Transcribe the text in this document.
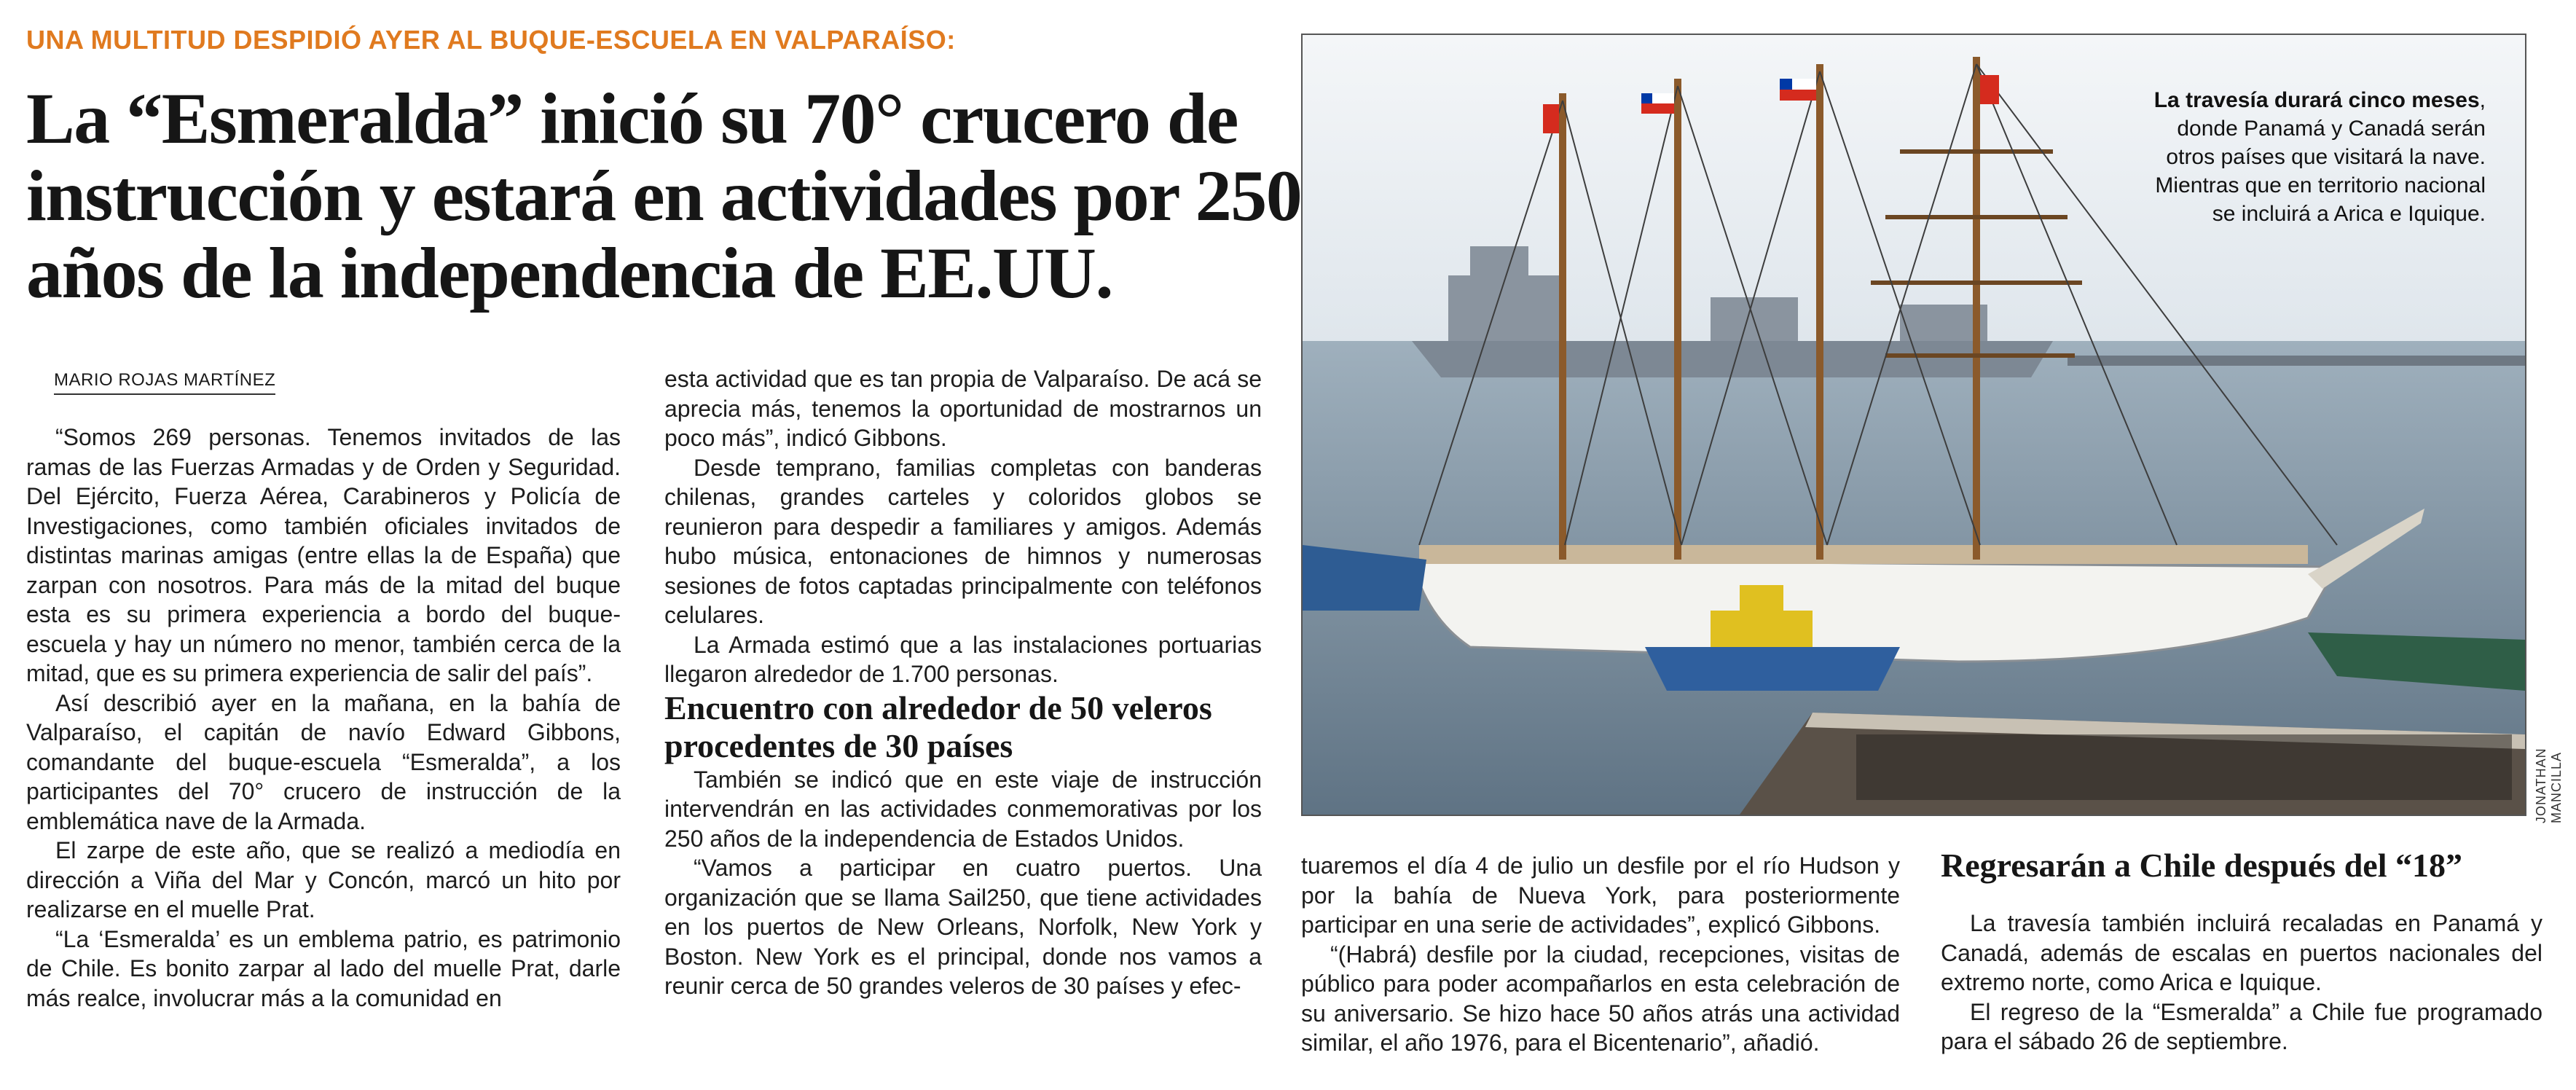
UNA MULTITUD DESPIDIÓ AYER AL BUQUE-ESCUELA EN VALPARAÍSO:
La “Esmeralda” inició su 70° crucero de instrucción y estará en actividades por 250 años de la independencia de EE.UU.
MARIO ROJAS MARTÍNEZ

“Somos 269 personas. Tenemos invitados de las ramas de las Fuerzas Armadas y de Orden y Seguridad. Del Ejército, Fuerza Aérea, Carabineros y Policía de Investigaciones, como también oficiales invitados de distintas marinas amigas (entre ellas la de España) que zarpan con nosotros. Para más de la mitad del buque esta es su primera experiencia a bordo del buque-escuela y hay un número no menor, también cerca de la mitad, que es su primera experiencia de salir del país”.

Así describió ayer en la mañana, en la bahía de Valparaíso, el capitán de navío Edward Gibbons, comandante del buque-escuela “Esmeralda”, a los participantes del 70° crucero de instrucción de la emblemática nave de la Armada.

El zarpe de este año, que se realizó a mediodía en dirección a Viña del Mar y Concón, marcó un hito por realizarse en el muelle Prat.

“La ‘Esmeralda’ es un emblema patrio, es patrimonio de Chile. Es bonito zarpar al lado del muelle Prat, darle más realce, involucrar más a la comunidad en

esta actividad que es tan propia de Valparaíso. De acá se aprecia más, tenemos la oportunidad de mostrarnos un poco más”, indicó Gibbons.

Desde temprano, familias completas con banderas chilenas, grandes carteles y coloridos globos se reunieron para despedir a familiares y amigos. Además hubo música, entonaciones de himnos y numerosas sesiones de fotos captadas principalmente con teléfonos celulares.

La Armada estimó que a las instalaciones portuarias llegaron alrededor de 1.700 personas.

Encuentro con alrededor de 50 veleros procedentes de 30 países

También se indicó que en este viaje de instrucción intervendrán en las actividades conmemorativas por los 250 años de la independencia de Estados Unidos.

“Vamos a participar en cuatro puertos. Una organización que se llama Sail250, que tiene actividades en los puertos de New Orleans, Norfolk, New York y Boston. New York es el principal, donde nos vamos a reunir cerca de 50 grandes veleros de 30 países y efec-

La travesía durará cinco meses, donde Panamá y Canadá serán otros países que visitará la nave. Mientras que en territorio nacional se incluirá a Arica e Iquique.
JONATHAN MANCILLA

tuaremos el día 4 de julio un desfile por el río Hudson y por la bahía de Nueva York, para posteriormente participar en una serie de actividades”, explicó Gibbons.

“(Habrá) desfile por la ciudad, recepciones, visitas de público para poder acompañarlos en esta celebración de su aniversario. Se hizo hace 50 años atrás una actividad similar, el año 1976, para el Bicentenario”, añadió.

Regresarán a Chile después del “18”

La travesía también incluirá recaladas en Panamá y Canadá, además de escalas en puertos nacionales del extremo norte, como Arica e Iquique.

El regreso de la “Esmeralda” a Chile fue programado para el sábado 26 de septiembre.
